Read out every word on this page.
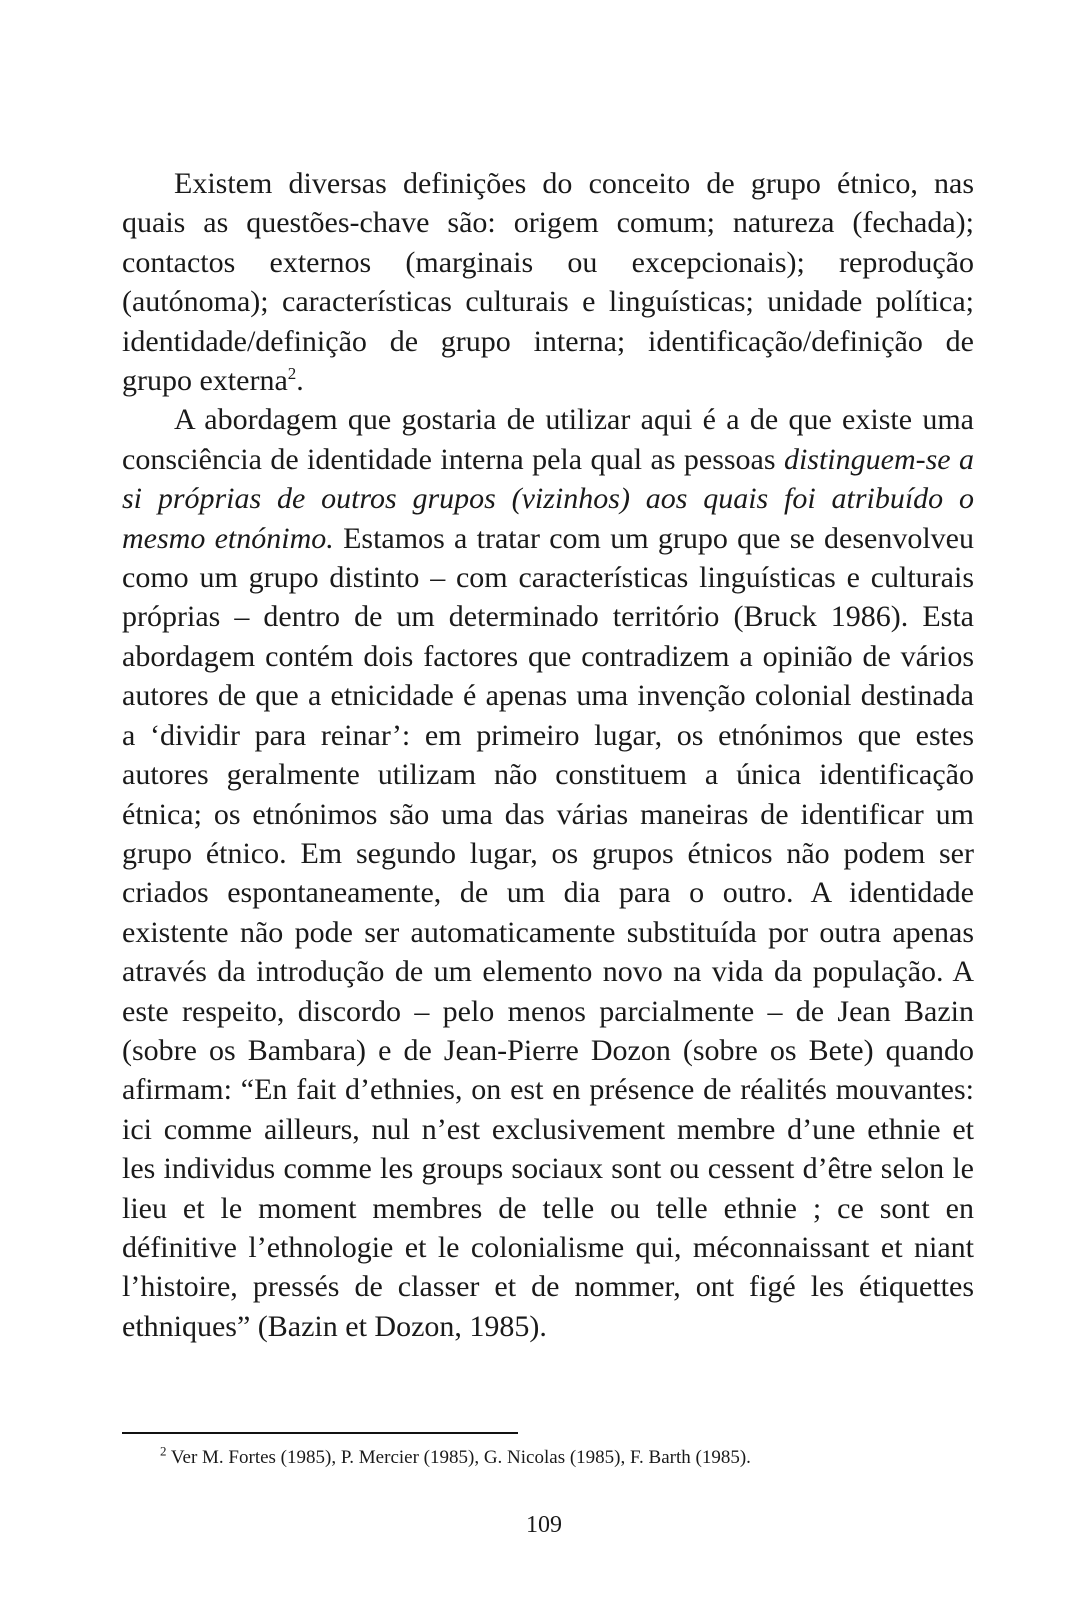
Existem diversas definições do conceito de grupo étnico, nas quais as questões-chave são: origem comum; natureza (fechada); contactos externos (marginais ou excepcionais); reprodução (autónoma); características culturais e linguísticas; unidade política; identidade/definição de grupo interna; identificação/definição de grupo externa$^2$.

A abordagem que gostaria de utilizar aqui é a de que existe uma consciência de identidade interna pela qual as pessoas distinguem-se a si próprias de outros grupos (vizinhos) aos quais foi atribuído o mesmo etnónimo. Estamos a tratar com um grupo que se desenvolveu como um grupo distinto – com características linguísticas e culturais próprias – dentro de um determinado território (Bruck 1986). Esta abordagem contém dois factores que contradizem a opinião de vários autores de que a etnicidade é apenas uma invenção colonial destinada a ‘dividir para reinar’: em primeiro lugar, os etnónimos que estes autores geralmente utilizam não constituem a única identificação étnica; os etnónimos são uma das várias maneiras de identificar um grupo étnico. Em segundo lugar, os grupos étnicos não podem ser criados espontaneamente, de um dia para o outro. A identidade existente não pode ser automaticamente substituída por outra apenas através da introdução de um elemento novo na vida da população. A este respeito, discordo – pelo menos parcialmente – de Jean Bazin (sobre os Bambara) e de Jean-Pierre Dozon (sobre os Bete) quando afirmam: “En fait d’ethnies, on est en présence de réalités mouvantes: ici comme ailleurs, nul n’est exclusivement membre d’une ethnie et les individus comme les groups sociaux sont ou cessent d’être selon le lieu et le moment membres de telle ou telle ethnie ; ce sont en définitive l’ethnologie et le colonialisme qui, méconnaissant et niant l’histoire, pressés de classer et de nommer, ont figé les étiquettes ethniques” (Bazin et Dozon, 1985).

$^2$ Ver M. Fortes (1985), P. Mercier (1985), G. Nicolas (1985), F. Barth (1985).
109
